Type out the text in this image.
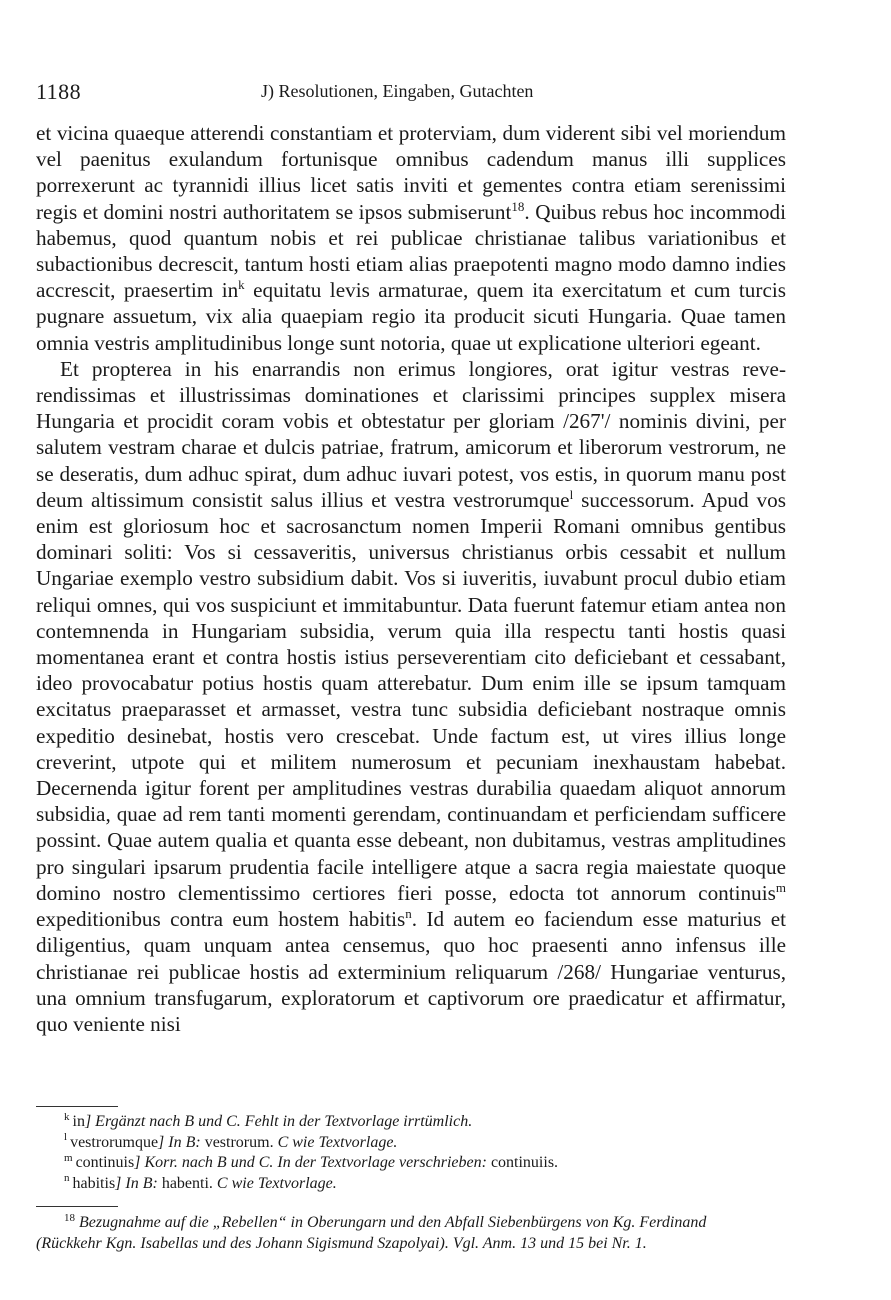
1188	J) Resolutionen, Eingaben, Gutachten

et vicina quaeque atterendi constantiam et proterviam, dum viderent sibi vel moriendum vel paenitus exulandum fortunisque omnibus cadendum manus illi supplices porrexerunt ac tyrannidi illius licet satis inviti et gementes contra etiam serenissimi regis et domini nostri authoritatem se ipsos submiserunt$^{18}$. Quibus rebus hoc incommodi habemus, quod quantum nobis et rei publicae christianae talibus variationibus et subactionibus decrescit, tantum hosti etiam alias praepotenti magno modo damno indies accrescit, praesertim $in^k$ equitatu levis armaturae, quem ita exercitatum et cum turcis pugnare assuetum, vix alia quaepiam regio ita producit sicuti Hungaria. Quae tamen omnia vestris amplitudinibus longe sunt notoria, quae ut explicatione ulteriori egeant.

Et propterea in his enarrandis non erimus longiores, orat igitur vestras reverendissimas et illustrissimas dominationes et clarissimi principes supplex misera Hungaria et procidit coram vobis et obtestatur per gloriam /267'/ nominis divini, per salutem vestram charae et dulcis patriae, fratrum, amicorum et liberorum vestrorum, ne se deseratis, dum adhuc spirat, dum adhuc iuvari potest, vos estis, in quorum manu post deum altissimum consistit salus illius et vestra vestrorumque$^l$ successorum. Apud vos enim est gloriosum hoc et sacrosanctum nomen Imperii Romani omnibus gentibus dominari soliti: Vos si cessaveritis, universus christianus orbis cessabit et nullum Ungariae exemplo vestro subsidium dabit. Vos si iuveritis, iuvabunt procul dubio etiam reliqui omnes, qui vos suspiciunt et immitabuntur. Data fuerunt fatemur etiam antea non contemnenda in Hungariam subsidia, verum quia illa respectu tanti hostis quasi momentanea erant et contra hostis istius perseverentiam cito deficiebant et cessabant, ideo provocabatur potius hostis quam atterebatur. Dum enim ille se ipsum tamquam excitatus praeparasset et armasset, vestra tunc subsidia deficiebant nostraque omnis expeditio desinebat, hostis vero crescebat. Unde factum est, ut vires illius longe creverint, utpote qui et militem numerosum et pecuniam inexhaustam habebat. Decernenda igitur forent per amplitudines vestras durabilia quaedam aliquot annorum subsidia, quae ad rem tanti momenti gerendam, continuandam et perficiendam sufficere possint. Quae autem qualia et quanta esse debeant, non dubitamus, vestras amplitudines pro singulari ipsarum prudentia facile intelligere atque a sacra regia maiestate quoque domino nostro clementissimo certiores fieri posse, edocta tot annorum continuis$^m$ expeditionibus contra eum hostem habitis$^n$. Id autem eo faciendum esse maturius et diligentius, quam unquam antea censemus, quo hoc praesenti anno infensus ille christianae rei publicae hostis ad exterminium reliquarum /268/ Hungariae venturus, una omnium transfugarum, exploratorum et captivorum ore praedicatur et affirmatur, quo veniente nisi

$^k$ in] Ergänzt nach B und C. Fehlt in der Textvorlage irrtümlich.
$^l$ vestrorumque] In B: vestrorum. C wie Textvorlage.
$^m$ continuis] Korr. nach B und C. In der Textvorlage verschrieben: continuiis.
$^n$ habitis] In B: habenti. C wie Textvorlage.
$^{18}$ Bezugnahme auf die „Rebellen“ in Oberungarn und den Abfall Siebenbürgens von Kg. Ferdinand
(Rückkehr Kgn. Isabellas und des Johann Sigismund Szapolyai). Vgl. Anm. 13 und 15 bei Nr. 1.
